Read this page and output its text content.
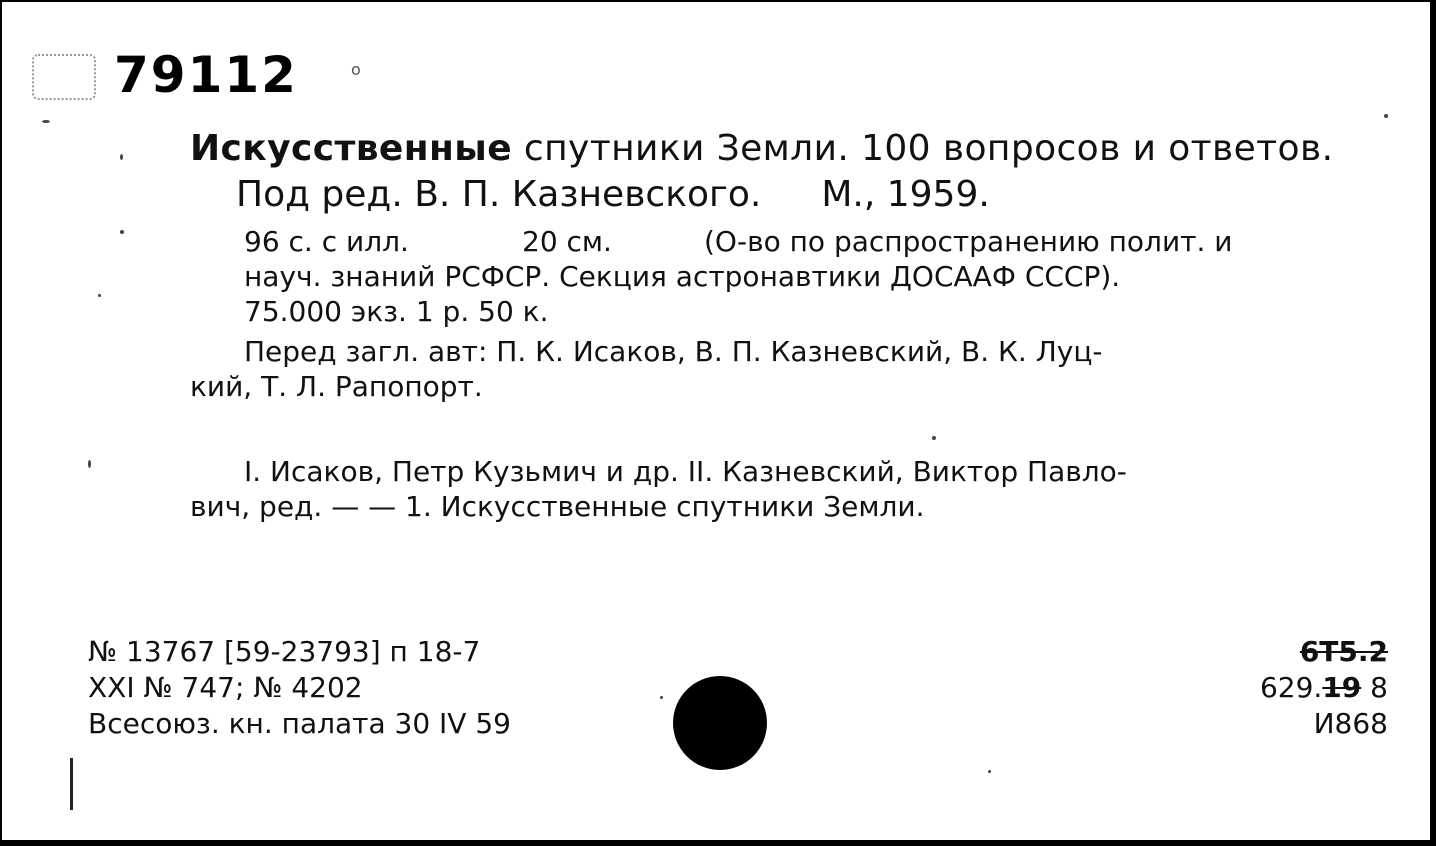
79112	o
Искусственные спутники Земли. 100 вопросов и ответов.
Под ред. В. П. Казневского. М., 1959.
96 с. с илл.	20 см.	(О-во по распространению полит. и
науч. знаний РСФСР. Секция астронавтики ДОСААФ СССР).
75.000 экз. 1 р. 50 к.
Перед загл. авт: П. К. Исаков, В. П. Казневский, В. К. Луц-
кий, Т. Л. Рапопорт.
I. Исаков, Петр Кузьмич и др. II. Казневский, Виктор Павло-
вич, ред. — — 1. Искусственные спутники Земли.
№ 13767 [59-23793] п 18-7
XXI № 747; № 4202
Всесоюз. кн. палата 30 IV 59
6Т5.2
629.19 8
И868
